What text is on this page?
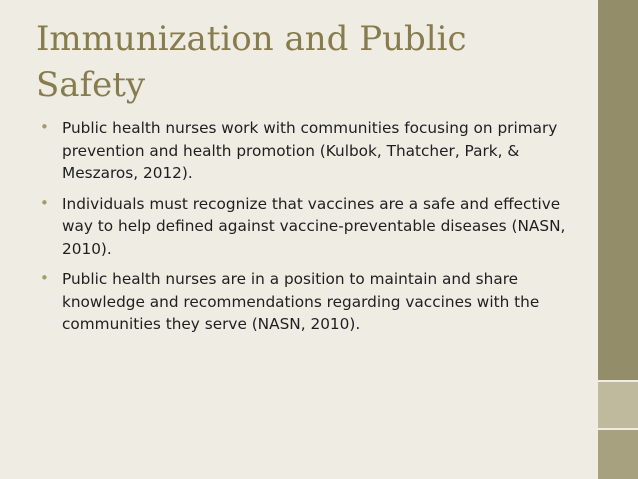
Immunization and Public Safety
• Public health nurses work with communities focusing on primary prevention and health promotion (Kulbok, Thatcher, Park, & Meszaros, 2012).
• Individuals must recognize that vaccines are a safe and effective way to help defined against vaccine-preventable diseases (NASN, 2010).
• Public health nurses are in a position to maintain and share knowledge and recommendations regarding vaccines with the communities they serve (NASN, 2010).
